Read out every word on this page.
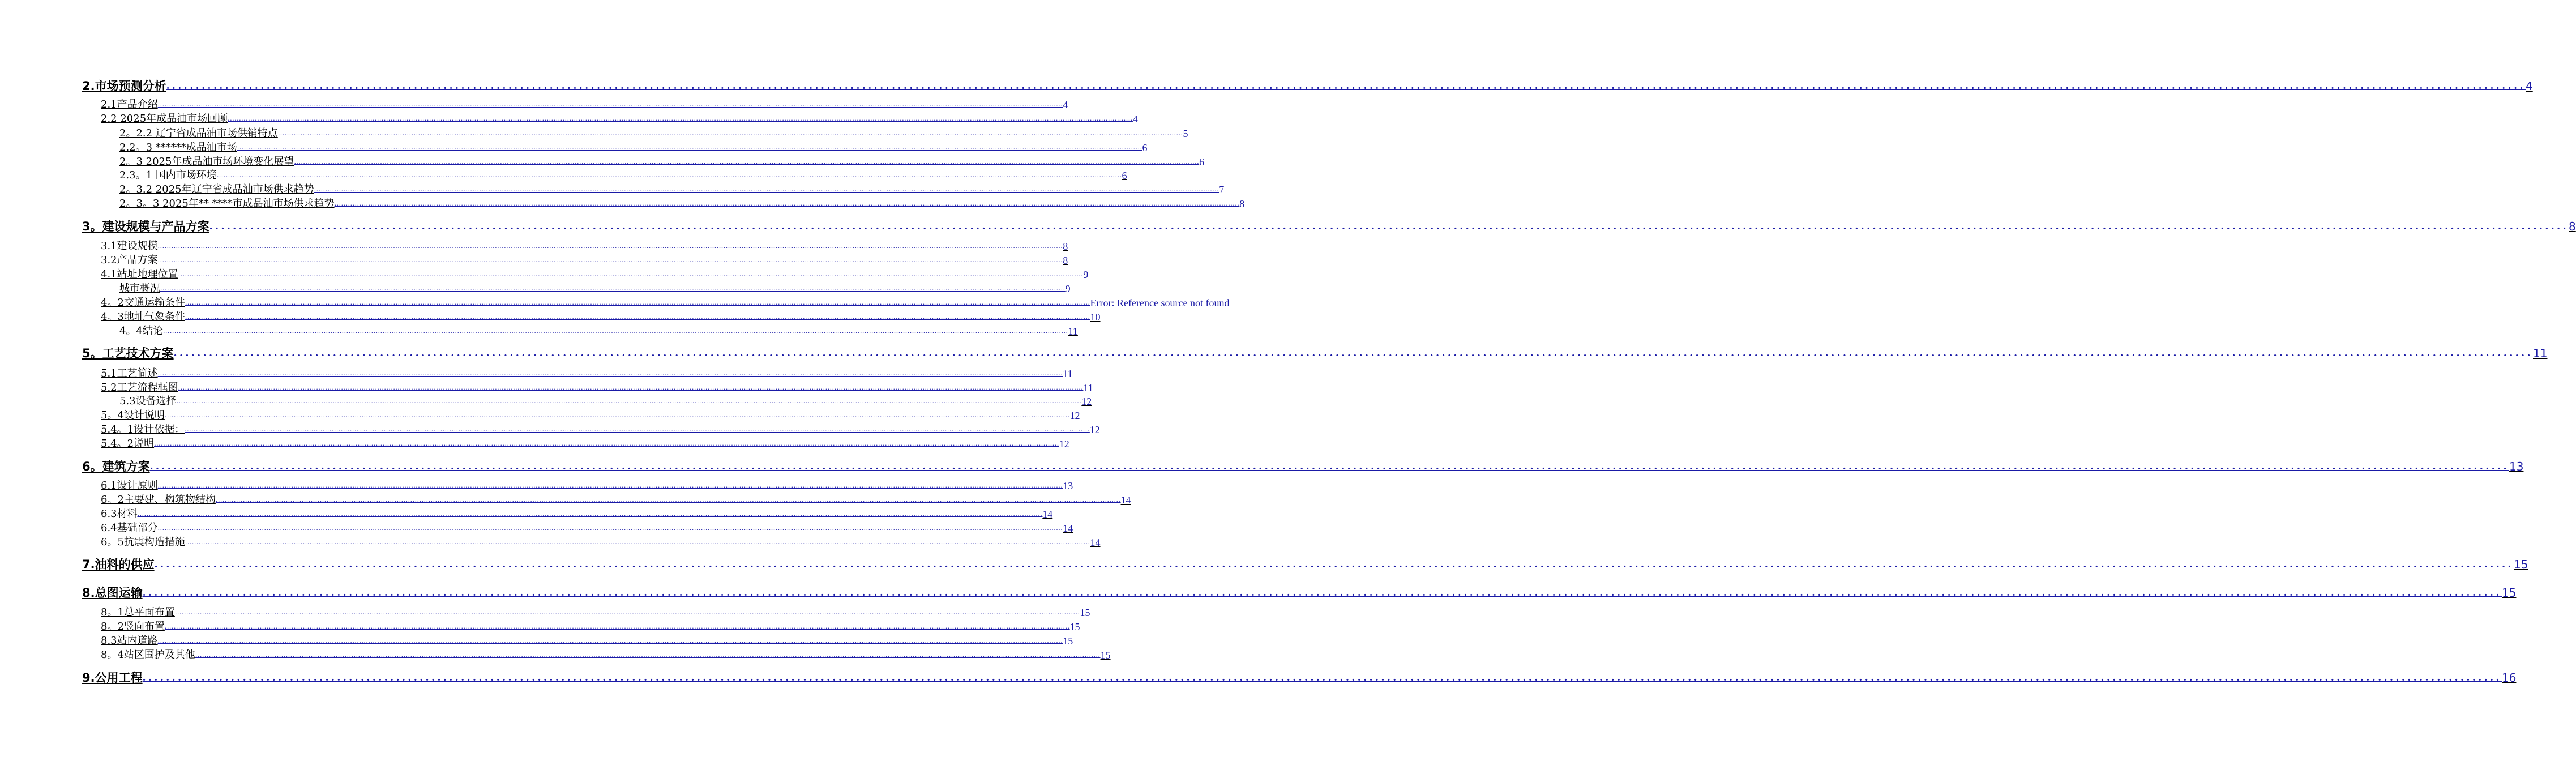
2.市场预测分析 ................................................................................................................................................................................................................................................................................................................................................................................................................ 4
2.1产品介绍 ................................................................................................................................................................................................................................................................................................................................................................................................................ 4
2.2 2025年成品油市场回顾 ................................................................................................................................................................................................................................................................................................................................................................................................................ 4
2。2.2 辽宁省成品油市场供销特点 ................................................................................................................................................................................................................................................................................................................................................................................................................ 5
2.2。3 ******成品油市场 ................................................................................................................................................................................................................................................................................................................................................................................................................ 6
2。3 2025年成品油市场环境变化展望 ................................................................................................................................................................................................................................................................................................................................................................................................................ 6
2.3。1 国内市场环境 ................................................................................................................................................................................................................................................................................................................................................................................................................ 6
2。3.2 2025年辽宁省成品油市场供求趋势 ................................................................................................................................................................................................................................................................................................................................................................................................................ 7
2。3。3 2025年** ****市成品油市场供求趋势 ................................................................................................................................................................................................................................................................................................................................................................................................................ 8
3。建设规模与产品方案 ................................................................................................................................................................................................................................................................................................................................................................................................................ 8
3.1建设规模 ................................................................................................................................................................................................................................................................................................................................................................................................................ 8
3.2产品方案 ................................................................................................................................................................................................................................................................................................................................................................................................................ 8
4.1站址地理位置 ................................................................................................................................................................................................................................................................................................................................................................................................................ 9
城市概况 ................................................................................................................................................................................................................................................................................................................................................................................................................ 9
4。2交通运输条件 ................................................................................................................................................................................................................................................................................................................................................................................................................ Error: Reference source not found
4。3地址气象条件 ................................................................................................................................................................................................................................................................................................................................................................................................................ 10
4。4结论 ................................................................................................................................................................................................................................................................................................................................................................................................................ 11
5。工艺技术方案 ................................................................................................................................................................................................................................................................................................................................................................................................................ 11
5.1工艺简述 ................................................................................................................................................................................................................................................................................................................................................................................................................ 11
5.2工艺流程框图 ................................................................................................................................................................................................................................................................................................................................................................................................................ 11
5.3设备选择 ................................................................................................................................................................................................................................................................................................................................................................................................................ 12
5。4设计说明 ................................................................................................................................................................................................................................................................................................................................................................................................................ 12
5.4。1设计依据： ................................................................................................................................................................................................................................................................................................................................................................................................................ 12
5.4。2说明 ................................................................................................................................................................................................................................................................................................................................................................................................................ 12
6。建筑方案 ................................................................................................................................................................................................................................................................................................................................................................................................................ 13
6.1设计原则 ................................................................................................................................................................................................................................................................................................................................................................................................................ 13
6。2主要建、构筑物结构 ................................................................................................................................................................................................................................................................................................................................................................................................................ 14
6.3材料 ................................................................................................................................................................................................................................................................................................................................................................................................................ 14
6.4基础部分 ................................................................................................................................................................................................................................................................................................................................................................................................................ 14
6。5抗震构造措施 ................................................................................................................................................................................................................................................................................................................................................................................................................ 14
7.油料的供应 ................................................................................................................................................................................................................................................................................................................................................................................................................ 15
8.总图运输 ................................................................................................................................................................................................................................................................................................................................................................................................................ 15
8。1总平面布置 ................................................................................................................................................................................................................................................................................................................................................................................................................ 15
8。2竖向布置 ................................................................................................................................................................................................................................................................................................................................................................................................................ 15
8.3站内道路 ................................................................................................................................................................................................................................................................................................................................................................................................................ 15
8。4站区围护及其他 ................................................................................................................................................................................................................................................................................................................................................................................................................ 15
9.公用工程 ................................................................................................................................................................................................................................................................................................................................................................................................................ 16
